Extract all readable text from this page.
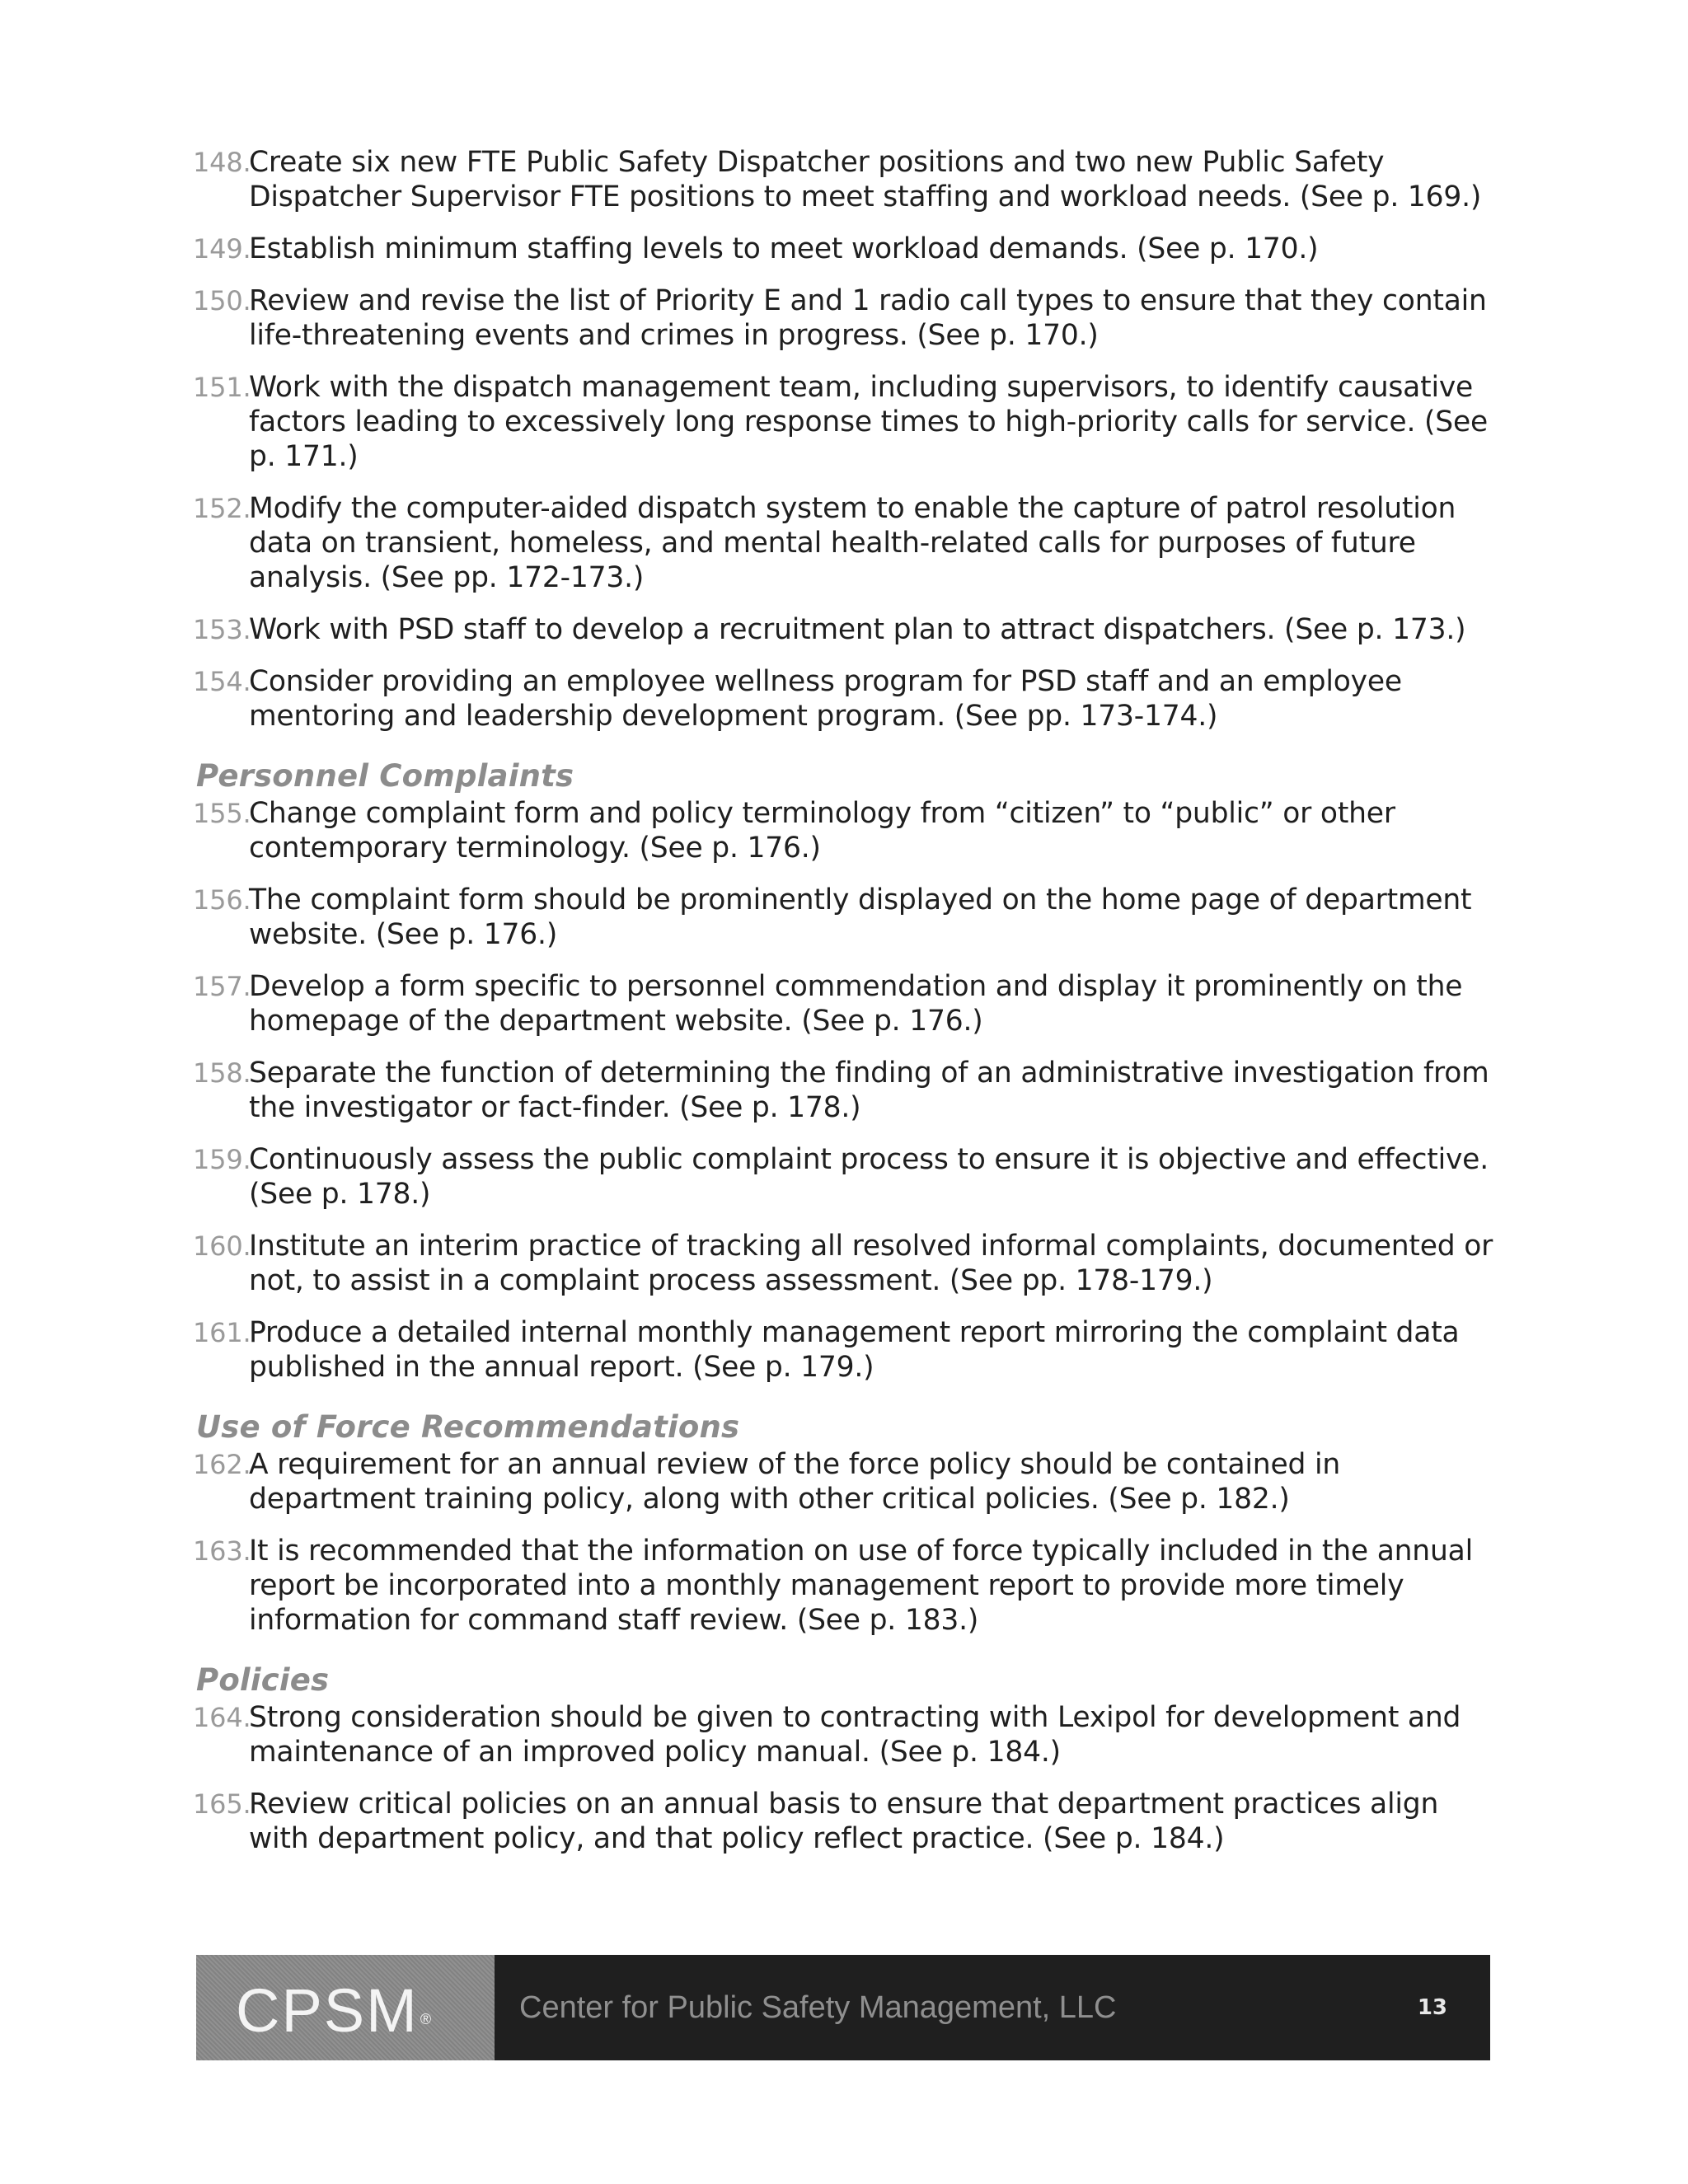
148.
Create six new FTE Public Safety Dispatcher positions and two new Public Safety Dispatcher Supervisor FTE positions to meet staffing and workload needs. (See p. 169.)
149.
Establish minimum staffing levels to meet workload demands. (See p. 170.)
150.
Review and revise the list of Priority E and 1 radio call types to ensure that they contain life-threatening events and crimes in progress. (See p. 170.)
151.
Work with the dispatch management team, including supervisors, to identify causative factors leading to excessively long response times to high-priority calls for service. (See p. 171.)
152.
Modify the computer-aided dispatch system to enable the capture of patrol resolution data on transient, homeless, and mental health-related calls for purposes of future analysis. (See pp. 172-173.)
153.
Work with PSD staff to develop a recruitment plan to attract dispatchers. (See p. 173.)
154.
Consider providing an employee wellness program for PSD staff and an employee mentoring and leadership development program. (See pp. 173-174.)
Personnel Complaints
155.
Change complaint form and policy terminology from “citizen” to “public” or other contemporary terminology. (See p. 176.)
156.
The complaint form should be prominently displayed on the home page of department website. (See p. 176.)
157.
Develop a form specific to personnel commendation and display it prominently on the homepage of the department website. (See p. 176.)
158.
Separate the function of determining the finding of an administrative investigation from the investigator or fact-finder. (See p. 178.)
159.
Continuously assess the public complaint process to ensure it is objective and effective. (See p. 178.)
160.
Institute an interim practice of tracking all resolved informal complaints, documented or not, to assist in a complaint process assessment. (See pp. 178-179.)
161.
Produce a detailed internal monthly management report mirroring the complaint data published in the annual report. (See p. 179.)
Use of Force Recommendations
162.
A requirement for an annual review of the force policy should be contained in department training policy, along with other critical policies. (See p. 182.)
163.
It is recommended that the information on use of force typically included in the annual report be incorporated into a monthly management report to provide more timely information for command staff review. (See p. 183.)
Policies
164.
Strong consideration should be given to contracting with Lexipol for development and maintenance of an improved policy manual. (See p. 184.)
165.
Review critical policies on an annual basis to ensure that department practices align with department policy, and that policy reflect practice. (See p. 184.)
CPSM ®	Center for Public Safety Management, LLC	13
